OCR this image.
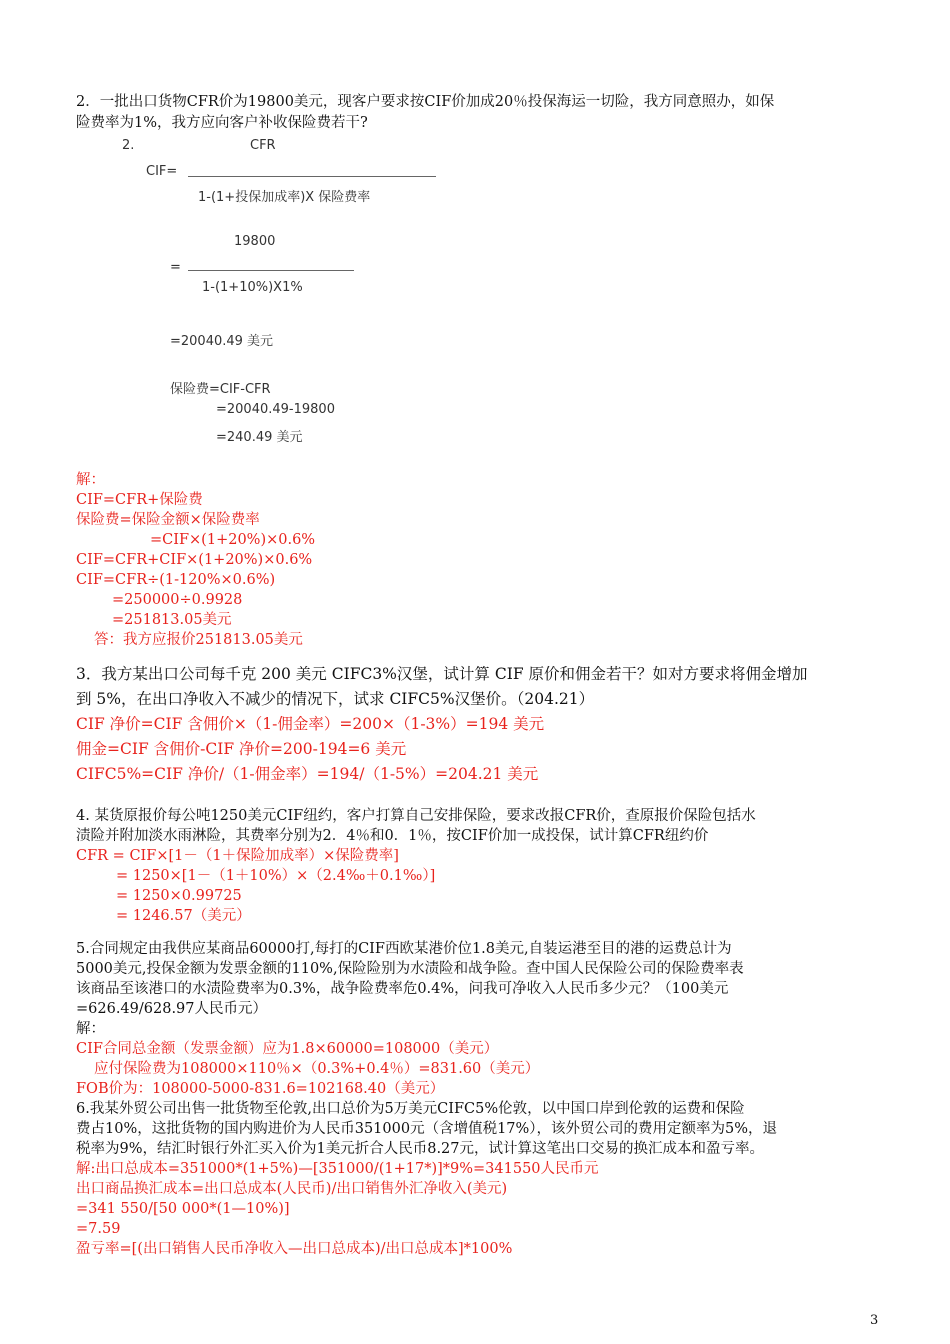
2．一批出口货物CFR价为19800美元，现客户要求按CIF价加成20％投保海运一切险，我方同意照办，如保
险费率为1%，我方应向客户补收保险费若干?
2.	CFR
CIF=
1-(1+投保加成率)X 保险费率
19800
=
1-(1+10%)X1%
=20040.49 美元
保险费=CIF-CFR
=20040.49-19800
=240.49 美元
解：
CIF=CFR+保险费
保险费=保险金额×保险费率
=CIF×(1+20%)×0.6%
CIF=CFR+CIF×(1+20%)×0.6%
CIF=CFR÷(1-120%×0.6%)
=250000÷0.9928
=251813.05美元
答：我方应报价251813.05美元
3．我方某出口公司每千克 200 美元 CIFC3%汉堡，试计算 CIF 原价和佣金若干？如对方要求将佣金增加
到 5%，在出口净收入不减少的情况下，试求 CIFC5%汉堡价。（204.21）
CIF 净价=CIF 含佣价×（1-佣金率）=200×（1-3%）=194 美元
佣金=CIF 含佣价-CIF 净价=200-194=6 美元
CIFC5%=CIF 净价/（1-佣金率）=194/（1-5%）=204.21 美元
4. 某货原报价每公吨1250美元CIF纽约，客户打算自己安排保险，要求改报CFR价，查原报价保险包括水
渍险并附加淡水雨淋险，其费率分别为2．4％和0．1％，按CIF价加一成投保，试计算CFR纽约价
CFR = CIF×[1－（1＋保险加成率）×保险费率]
= 1250×[1－（1＋10%）×（2.4‰＋0.1‰）]
= 1250×0.99725
= 1246.57（美元）
5.合同规定由我供应某商品60000打,每打的CIF西欧某港价位1.8美元,自装运港至目的港的运费总计为
5000美元,投保金额为发票金额的110%,保险险别为水渍险和战争险。查中国人民保险公司的保险费率表
该商品至该港口的水渍险费率为0.3%，战争险费率危0.4%，问我可净收入人民币多少元？（100美元
=626.49/628.97人民币元）
解：
CIF合同总金额（发票金额）应为1.8×60000=108000（美元）
应付保险费为108000×110％×（0.3%+0.4％）=831.60（美元）
FOB价为：108000-5000-831.6=102168.40（美元）
6.我某外贸公司出售一批货物至伦敦,出口总价为5万美元CIFC5%伦敦，以中国口岸到伦敦的运费和保险
费占10%，这批货物的国内购进价为人民币351000元（含增值税17%），该外贸公司的费用定额率为5%，退
税率为9%，结汇时银行外汇买入价为1美元折合人民币8.27元，试计算这笔出口交易的换汇成本和盈亏率。
解:出口总成本=351000*(1+5%)—[351000/(1+17*)]*9%=341550人民币元
出口商品换汇成本=出口总成本(人民币)/出口销售外汇净收入(美元)
=341 550/[50 000*(1—10%)]
=7.59
盈亏率=[(出口销售人民币净收入—出口总成本)/出口总成本]*100%
3
